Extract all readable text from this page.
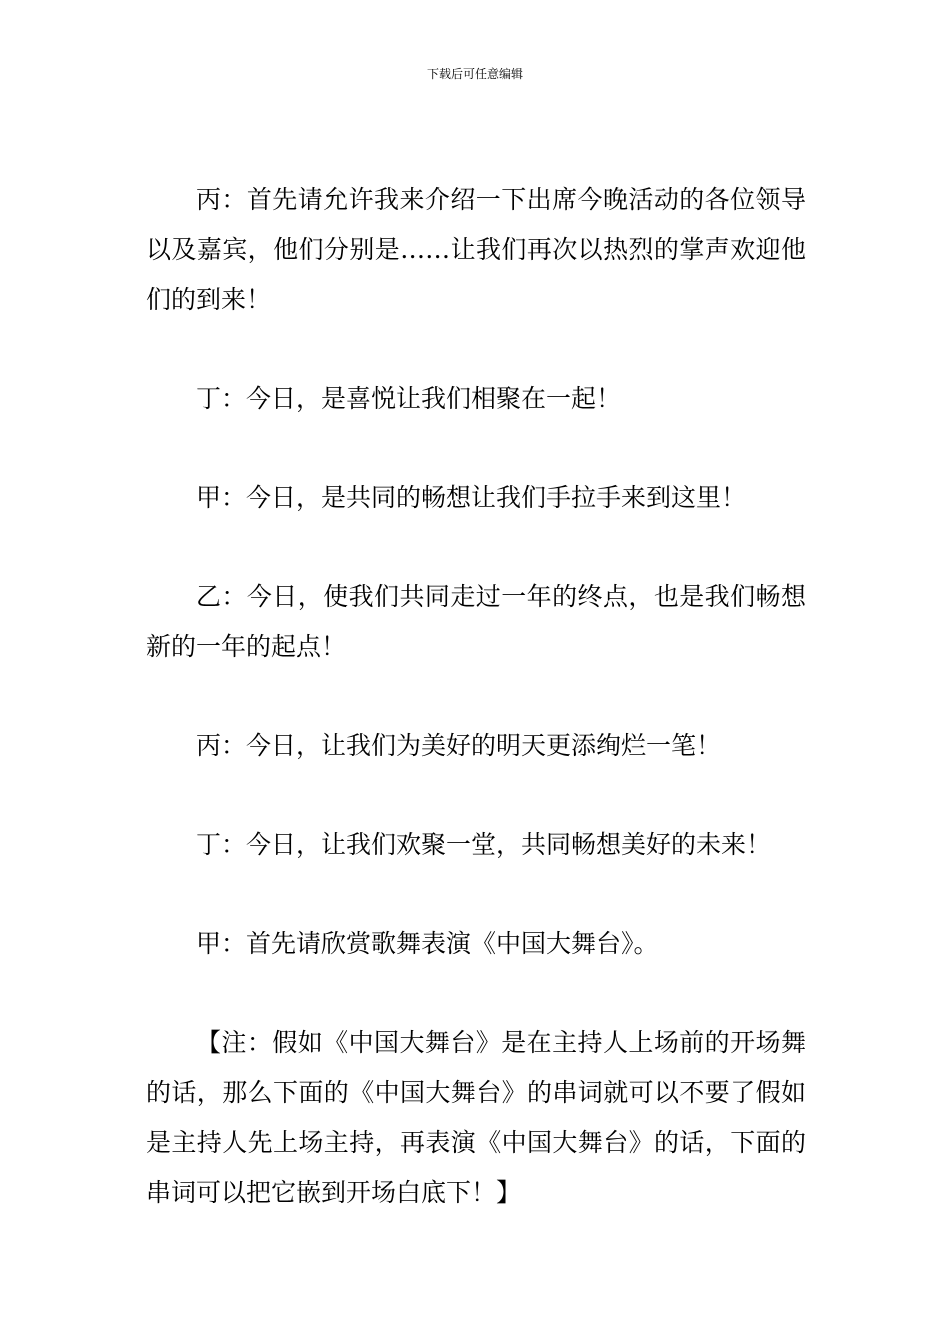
下载后可任意编辑

丙：首先请允许我来介绍一下出席今晚活动的各位领导以及嘉宾，他们分别是……让我们再次以热烈的掌声欢迎他们的到来！

丁：今日，是喜悦让我们相聚在一起！

甲：今日，是共同的畅想让我们手拉手来到这里！

乙：今日，使我们共同走过一年的终点，也是我们畅想新的一年的起点！

丙：今日，让我们为美好的明天更添绚烂一笔！

丁：今日，让我们欢聚一堂，共同畅想美好的未来！

甲：首先请欣赏歌舞表演《中国大舞台》。

【注：假如《中国大舞台》是在主持人上场前的开场舞的话，那么下面的《中国大舞台》的串词就可以不要了假如是主持人先上场主持，再表演《中国大舞台》的话，下面的串词可以把它嵌到开场白底下！】
